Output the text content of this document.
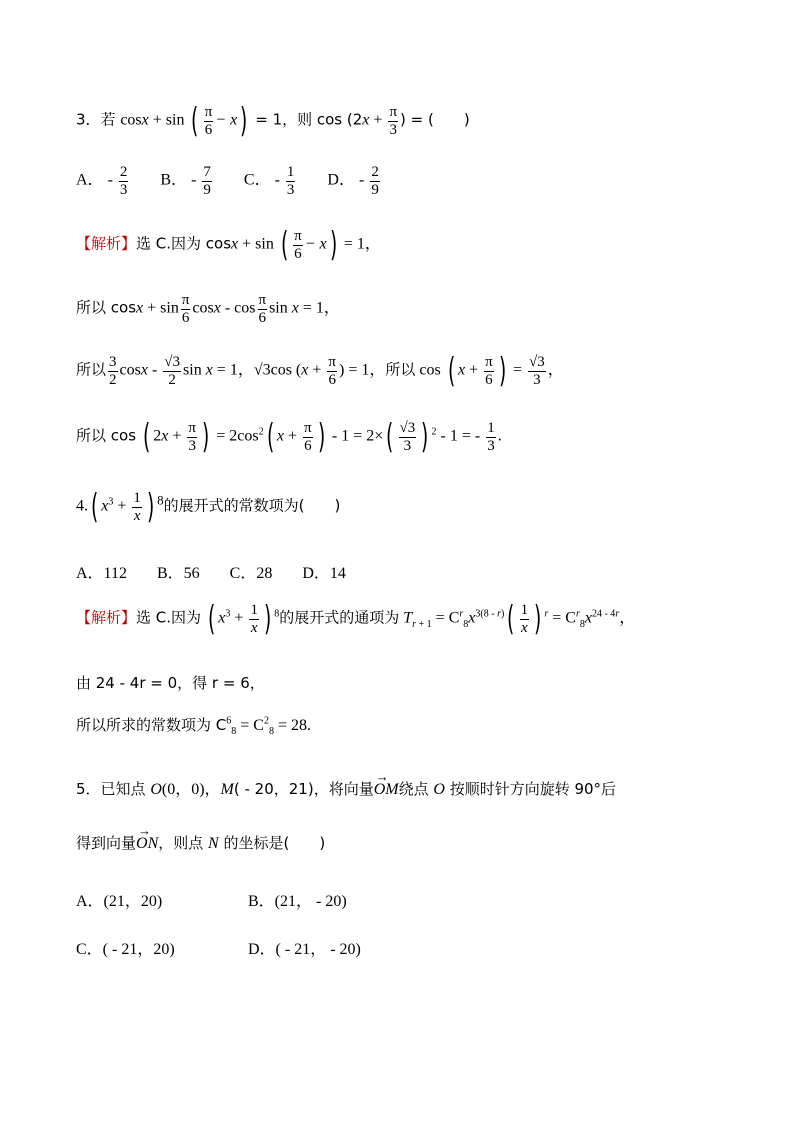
3．若 cosx + sin ( $\frac{\pi}{6} - x) = 1$，则 $\cos (2x + \frac{\pi}{3}$ ) = (　　)
A． - $\frac{2}{3}$ B． - $\frac{7}{9}$ C． - $\frac{1}{3}$ D． - $\frac{2}{9}$
【解析】选 C.因为 cosx + sin ( $\frac{\pi}{6} - x) = 1$，
所以 $\cos x + \sin \frac{\pi}{6}$ cosx - $\cos \frac{\pi}{6}$ sin x = 1，
所以 $\frac{3}{2}$ cosx - $\frac{√3}{2}$ sin x = 1，√3cos ($x + \frac{\pi}{6}$ ) = 1，所以 cos ( $x + \frac{\pi}{6}$ ) = $\frac{√3}{3}$ ，
所以 cos ( $2x + \frac{\pi}{3}$ ) = $2\cos^2$( $x + \frac{\pi}{6}$ ) - $1 = 2\times( \frac{√3}{3}$ ) $^2$ - 1 = - $\frac{1}{3}$ .
4.( $x^3 + \frac{1}{x}$ ) $^8$的展开式的常数项为(　　)
A．112 B．56 C．28 D．14
【解析】选 C.因为 ( $x^3 + \frac{1}{x}$ ) $^8$的展开式的通项为 $T_r$ $_{+ 1} = C^r_8x^{3(8 - r)}( \frac{1}{x}$ ) $^r = C^r_8x^{24 - 4r}$，
由 24 - 4r = 0，得 r = 6，
所以所求的常数项为 $C^6_8 = C^2_8 = 28$.
5．已知点 O(0，0)，M( - 20，21)，将向量→ OM绕点 O 按顺时针方向旋转 90°后
得到向量→ ON，则点 N 的坐标是(　　)
A．(21，20)	B．(21， - 20)
C．( - 21，20)	D．( - 21， - 20)
